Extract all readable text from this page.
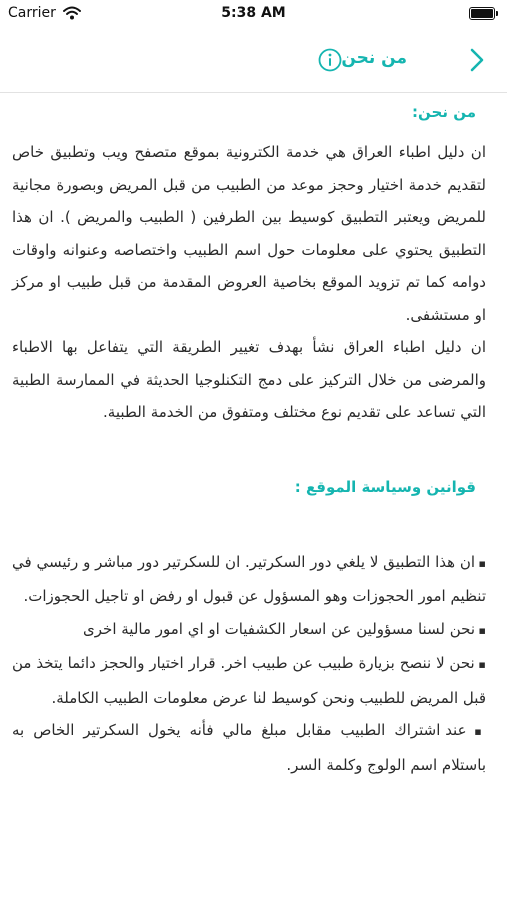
Carrier	5:38 AM
من نحن
من نحن:

ان دليل اطباء العراق هي خدمة الكترونية بموقع متصفح ويب وتطبيق خاص لتقديم خدمة اختيار وحجز موعد من الطبيب من قبل المريض وبصورة مجانية للمريض ويعتبر التطبيق كوسيط بين الطرفين ( الطبيب والمريض ). ان هذا التطبيق يحتوي على معلومات حول اسم الطبيب واختصاصه وعنوانه واوقات دوامه كما تم تزويد الموقع بخاصية العروض المقدمة من قبل طبيب او مركز او مستشفى.

ان دليل اطباء العراق نشأ بهدف تغيير الطريقة التي يتفاعل بها الاطباء والمرضى من خلال التركيز على دمج التكنلوجيا الحديثة في الممارسة الطبية التي تساعد على تقديم نوع مختلف ومتفوق من الخدمة الطبية.

قوانين وسياسة الموقع :
▪ ان هذا التطبيق لا يلغي دور السكرتير. ان للسكرتير دور مباشر و رئيسي في تنظيم امور الحجوزات وهو المسؤول عن قبول او رفض او تاجيل الحجوزات.
▪ نحن لسنا مسؤولين عن اسعار الكشفيات او اي امور مالية اخرى
▪ نحن لا ننصح بزيارة طبيب عن طبيب اخر. قرار اختيار والحجز دائما يتخذ من قبل المريض للطبيب ونحن كوسيط لنا عرض معلومات الطبيب الكاملة.
▪ عند اشتراك الطبيب مقابل مبلغ مالي فأنه يخول السكرتير الخاص به باستلام اسم الولوج وكلمة السر.
